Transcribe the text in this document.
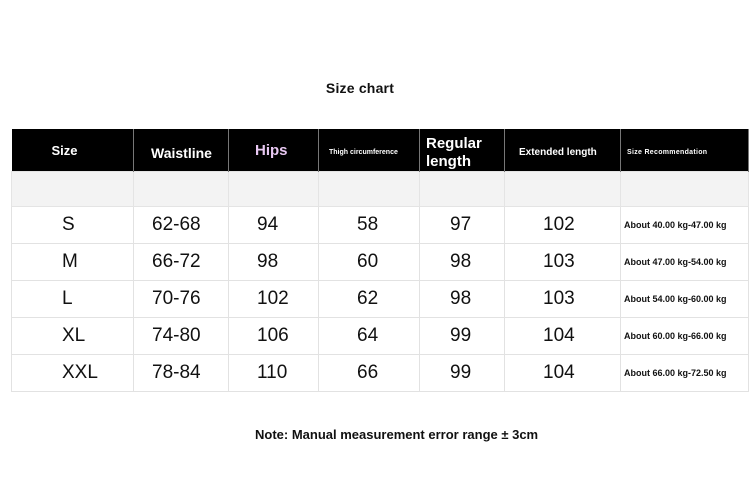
Size chart
Size	Waistline	Hips	Thigh circumference	Regular length	Extended length	Size Recommendation

S	62-68	94	58	97	102	About 40.00 kg-47.00 kg
M	66-72	98	60	98	103	About 47.00 kg-54.00 kg
L	70-76	102	62	98	103	About 54.00 kg-60.00 kg
XL	74-80	106	64	99	104	About 60.00 kg-66.00 kg
XXL	78-84	110	66	99	104	About 66.00 kg-72.50 kg
Note: Manual measurement error range ± 3cm
